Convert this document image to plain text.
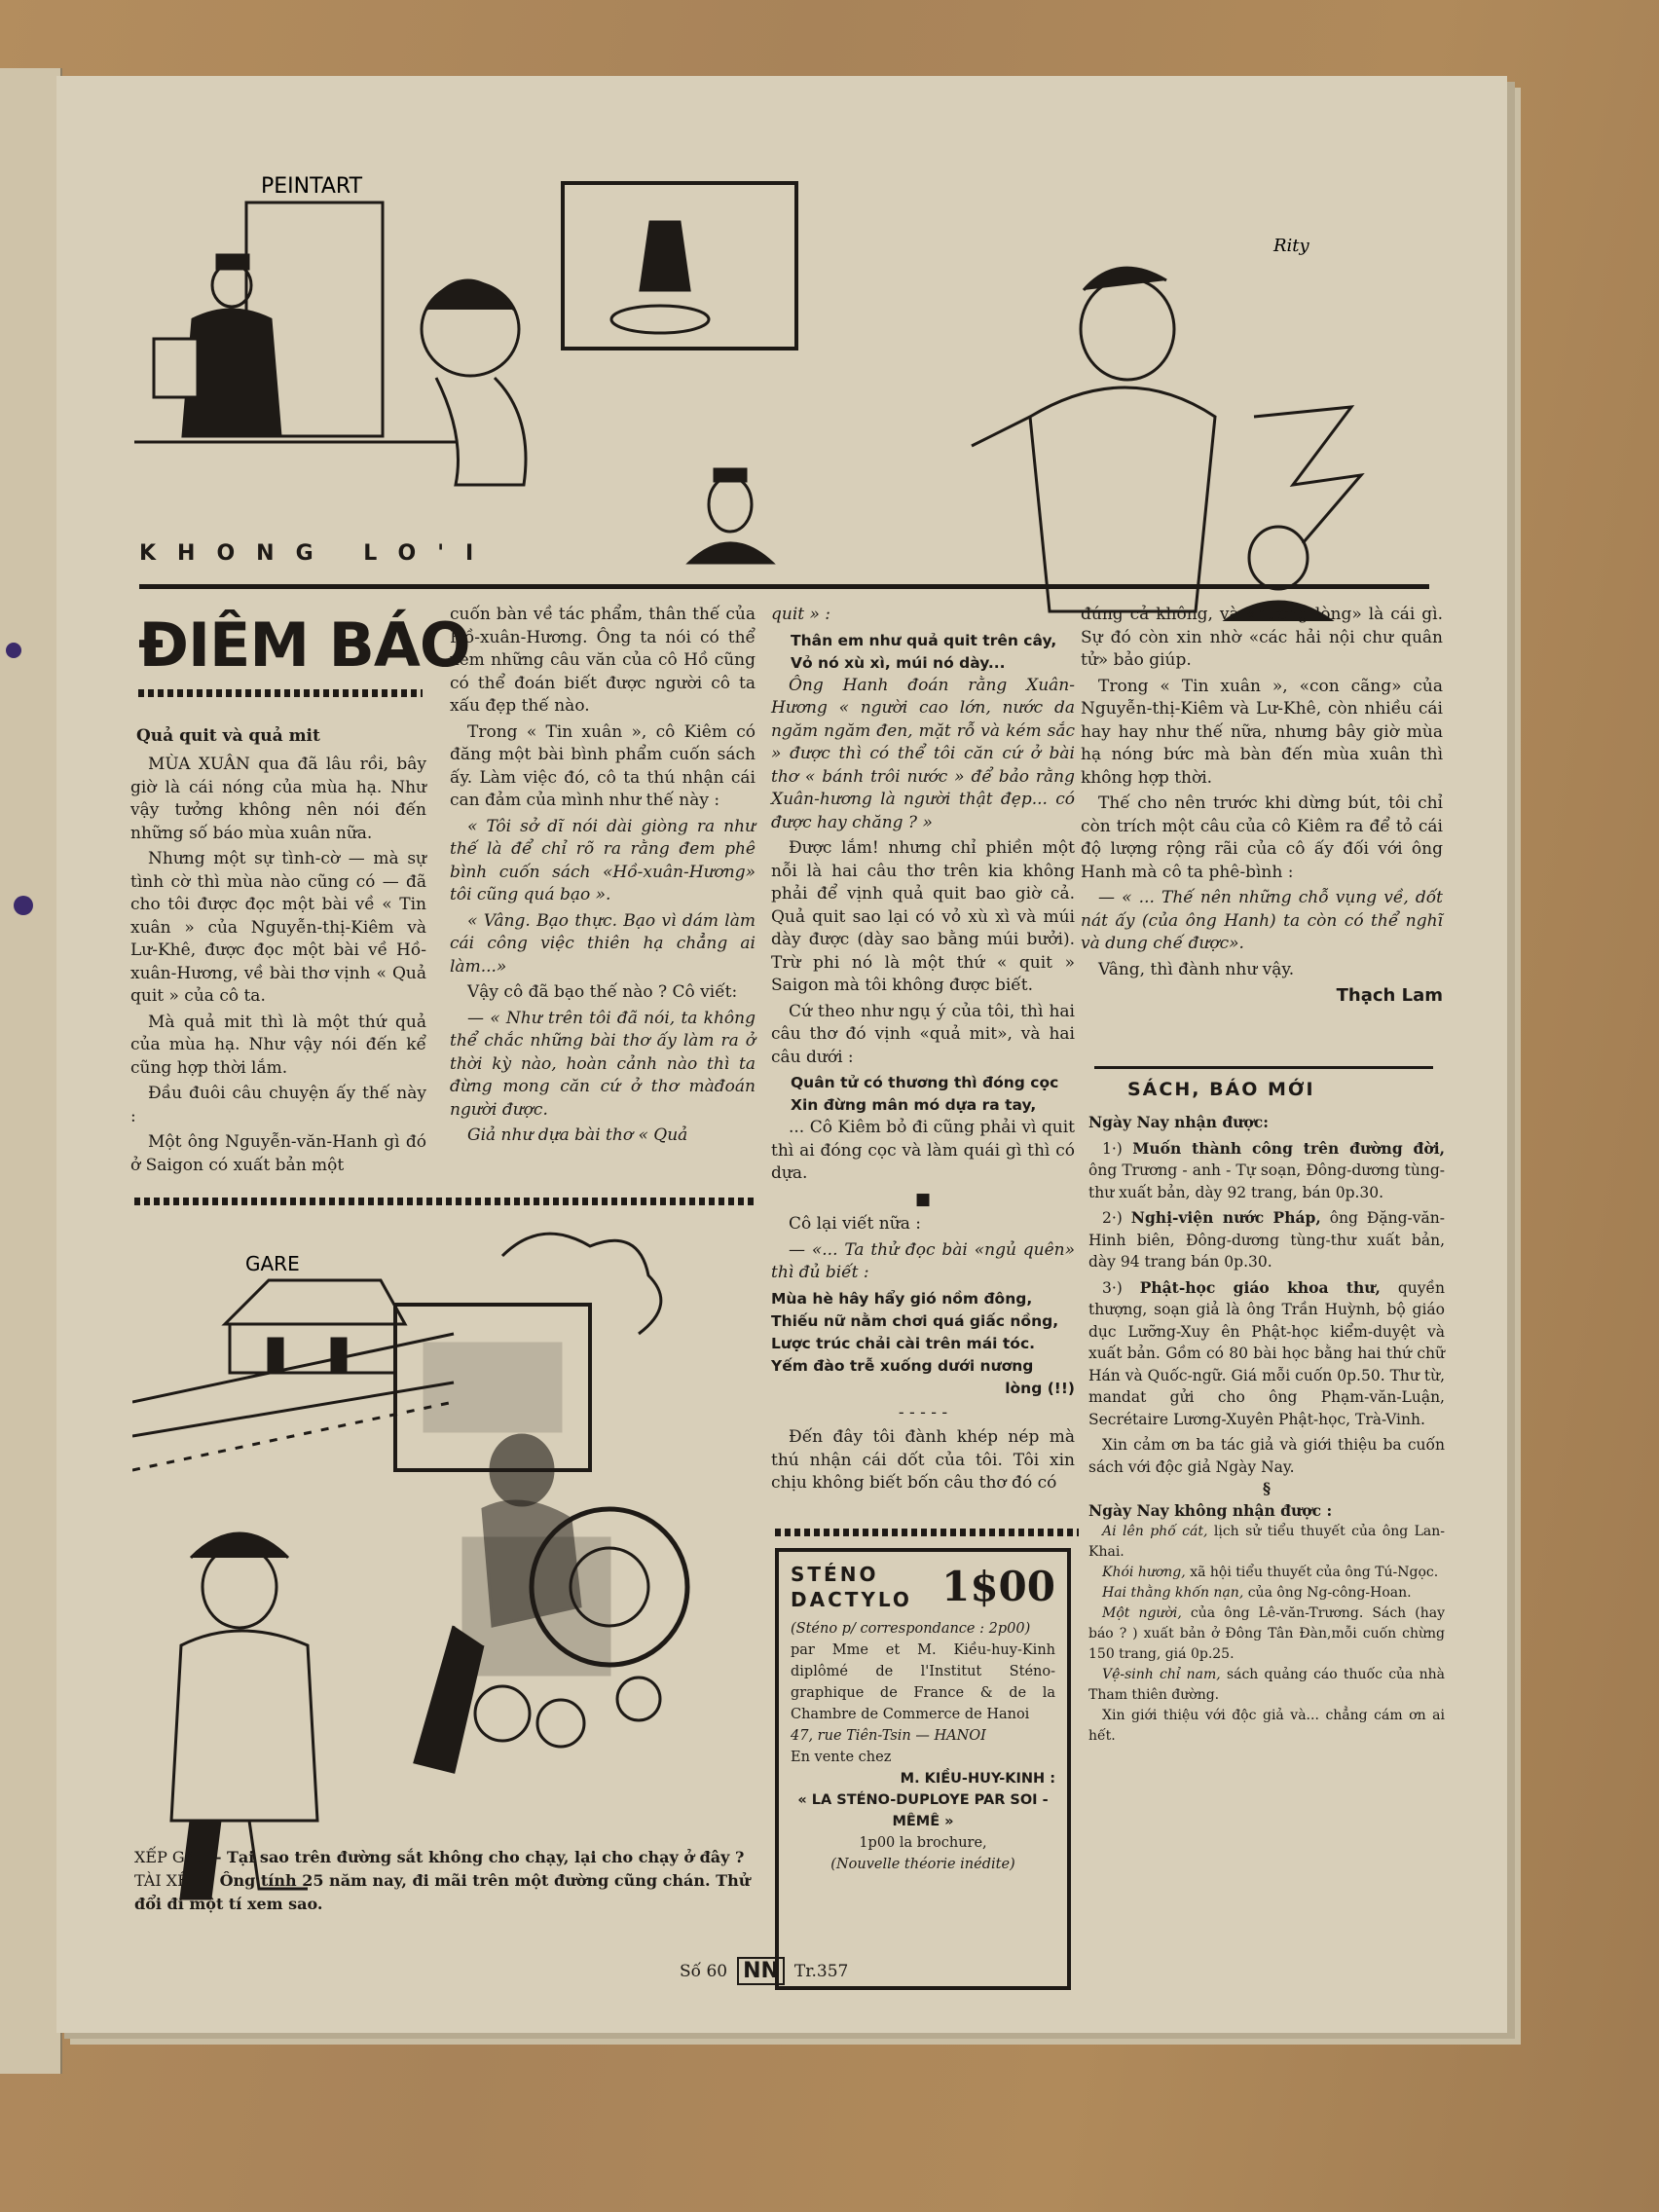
PEINTART
Rity
KHONG LO'I
ĐIÊM BÁO
Quả quit và quả mit

MÙA XUÂN qua đã lâu rồi, bây giờ là cái nóng của mùa hạ. Như vậy tưởng không nên nói đến những số báo mùa xuân nữa.

Nhưng một sự tình-cờ — mà sự tình cờ thì mùa nào cũng có — đã cho tôi được đọc một bài về « Tin xuân » của Nguyễn-thị-Kiêm và Lư-Khê, được đọc một bài về Hồ-xuân-Hương, về bài thơ vịnh « Quả quit » của cô ta.

Mà quả mit thì là một thứ quả của mùa hạ. Như vậy nói đến kể cũng hợp thời lắm.

Đầu đuôi câu chuyện ấy thế này :

Một ông Nguyễn-văn-Hanh gì đó ở Saigon có xuất bản một

cuốn bàn về tác phẩm, thân thế của Hồ-xuân-Hương. Ông ta nói có thể xem những câu văn của cô Hồ cũng có thể đoán biết được người cô ta xấu đẹp thế nào.

Trong « Tin xuân », cô Kiêm có đăng một bài bình phẩm cuốn sách ấy. Làm việc đó, cô ta thú nhận cái can đảm của mình như thế này :

« Tôi sở dĩ nói dài giòng ra như thế là để chỉ rõ ra rằng đem phê bình cuốn sách «Hồ-xuân-Hương» tôi cũng quá bạo ».

« Vâng. Bạo thực. Bạo vì dám làm cái công việc thiên hạ chẳng ai làm...»

Vậy cô đã bạo thế nào ? Cô viết:

— « Như trên tôi đã nói, ta không thể chắc những bài thơ ấy làm ra ở thời kỳ nào, hoàn cảnh nào thì ta đừng mong căn cứ ở thơ màđoán người được.

Giả như dựa bài thơ « Quả

quit » :

Thân em như quả quit trên cây,
Vỏ nó xù xì, múi nó dày...

Ông Hanh đoán rằng Xuân-Hương « người cao lớn, nước da ngăm ngăm đen, mặt rỗ và kém sắc » được thì có thể tôi căn cứ ở bài thơ « bánh trôi nước » để bảo rằng Xuân-hương là người thật đẹp... có được hay chăng ? »

Được lắm! nhưng chỉ phiền một nỗi là hai câu thơ trên kia không phải để vịnh quả quit bao giờ cả. Quả quit sao lại có vỏ xù xì và múi dày được (dày sao bằng múi bưởi). Trừ phi nó là một thứ « quit » Saigon mà tôi không được biết.

Cứ theo như ngụ ý của tôi, thì hai câu thơ đó vịnh «quả mit», và hai câu dưới :

Quân tử có thương thì đóng cọc
Xin đừng mân mó dựa ra tay,

... Cô Kiêm bỏ đi cũng phải vì quit thì ai đóng cọc và làm quái gì thì có dựa.

■

Cô lại viết nữa :

— «... Ta thử đọc bài «ngủ quên» thì đủ biết :

Mùa hè hây hẩy gió nồm đông,
Thiếu nữ nằm chơi quá giấc nồng,
Lược trúc chải cài trên mái tóc.
Yếm đào trễ xuống dưới nương
lòng (!!)
- - - - -

Đến đây tôi đành khép nép mà thú nhận cái dốt của tôi. Tôi xin chịu không biết bốn câu thơ đó có

đúng cả không, và «nương lòng» là cái gì. Sự đó còn xin nhờ «các hải nội chư quân tử» bảo giúp.

Trong « Tin xuân », «con cãng» của Nguyễn-thị-Kiêm và Lư-Khê, còn nhiều cái hay hay như thế nữa, nhưng bây giờ mùa hạ nóng bức mà bàn đến mùa xuân thì không hợp thời.

Thế cho nên trước khi dừng bút, tôi chỉ còn trích một câu của cô Kiêm ra để tỏ cái độ lượng rộng rãi của cô ấy đối với ông Hanh mà cô ta phê-bình :

— « ... Thế nên những chỗ vụng về, dốt nát ấy (của ông Hanh) ta còn có thể nghĩ và dung chế được».

Vâng, thì đành như vậy.

Thạch Lam
SÁCH, BÁO MỚI
Ngày Nay nhận được:
1·) Muốn thành công trên đường đời, ông Trương - anh - Tự soạn, Đông-dương tùng-thư xuất bản, dày 92 trang, bán 0p.30.
2·) Nghị-viện nước Pháp, ông Đặng-văn-Hinh biên, Đông-dương tùng-thư xuất bản, dày 94 trang bán 0p.30.
3·) Phật-học giáo khoa thư, quyền thượng, soạn giả là ông Trần Huỳnh, bộ giáo dục Lưỡng-Xuy ên Phật-học kiểm-duyệt và xuất bản. Gồm có 80 bài học bằng hai thứ chữ Hán và Quốc-ngữ. Giá mỗi cuốn 0p.50. Thư từ, mandat gửi cho ông Phạm-văn-Luận, Secrétaire Lương-Xuyên Phật-học, Trà-Vinh.
Xin cảm ơn ba tác giả và giới thiệu ba cuốn sách với độc giả Ngày Nay.
§
Ngày Nay không nhận được :
Ai lên phố cát, lịch sử tiểu thuyết của ông Lan-Khai.
Khói hương, xã hội tiểu thuyết của ông Tú-Ngọc.
Hai thằng khốn nạn, của ông Ng-công-Hoan.
Một người, của ông Lê-văn-Trương. Sách (hay báo ? ) xuất bản ở Đông Tân Đàn,mỗi cuốn chừng 150 trang, giá 0p.25.
Vệ-sinh chỉ nam, sách quảng cáo thuốc của nhà Tham thiên đường.
Xin giới thiệu với độc giả và... chẳng cám ơn ai hết.
GARE
XẾP GA. — Tại sao trên đường sắt không cho chạy, lại cho chạy ở đây ?
TÀI XẾ. — Ông tính 25 năm nay, đi mãi trên một đường cũng chán. Thử đổi đi một tí xem sao.
STÉNO
DACTYLO 1$00
(Sténo p/ correspondance : 2p00)
par Mme et M. Kiều-huy-Kinh diplômé de l'Institut Sténo-graphique de France & de la Chambre de Commerce de Hanoi
47, rue Tiên-Tsin — HANOI
En vente chez
M. KIỀU-HUY-KINH :
« LA STÉNO-DUPLOYE PAR SOI - MÊMÊ »
1p00 la brochure,
(Nouvelle théorie inédite)
Số 60 NN Tr.357
